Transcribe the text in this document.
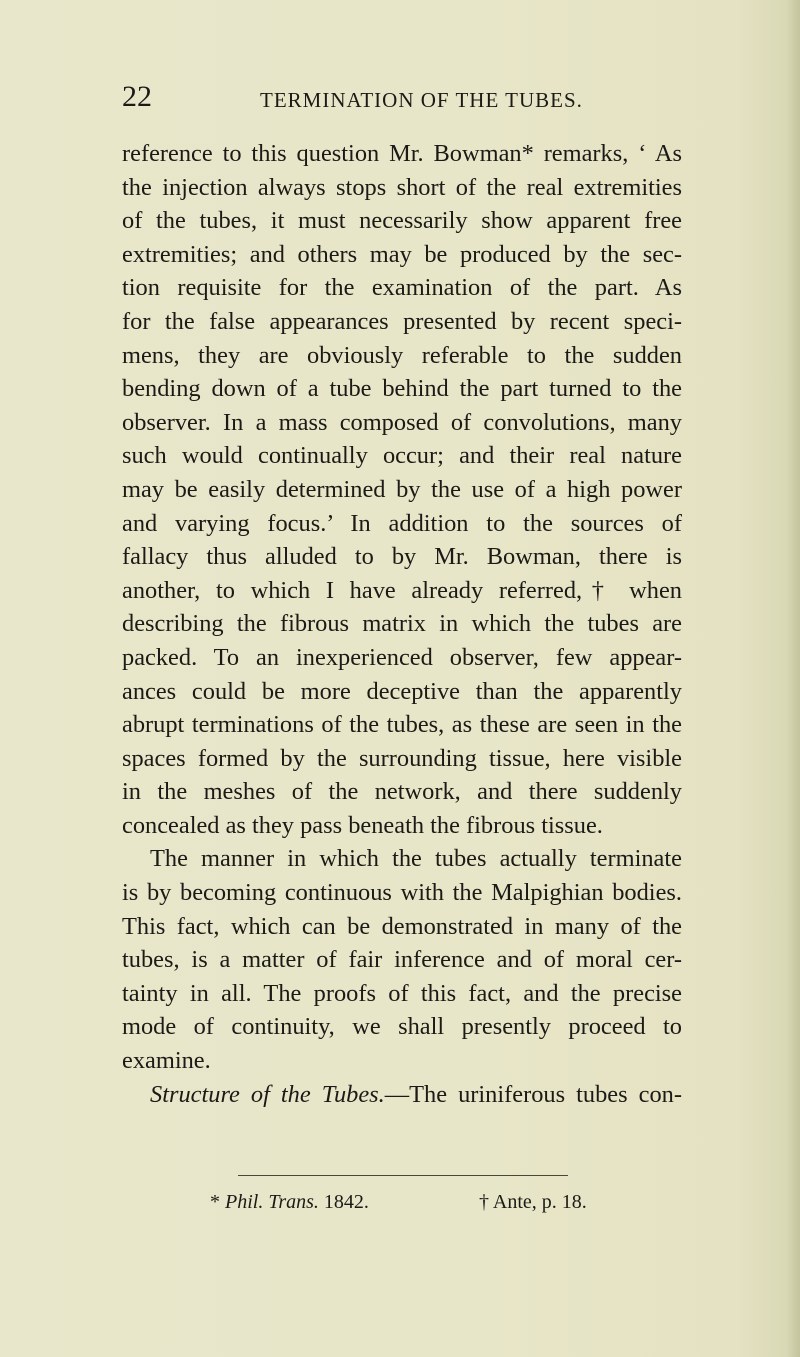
22	TERMINATION OF THE TUBES.
reference to this question Mr. Bowman* remarks, ‘ As
the injection always stops short of the real extremities
of the tubes, it must necessarily show apparent free
extremities; and others may be produced by the sec-
tion requisite for the examination of the part. As
for the false appearances presented by recent speci-
mens, they are obviously referable to the sudden
bending down of a tube behind the part turned to the
observer. In a mass composed of convolutions, many
such would continually occur; and their real nature
may be easily determined by the use of a high power
and varying focus.’ In addition to the sources of
fallacy thus alluded to by Mr. Bowman, there is
another, to which I have already referred,† when
describing the fibrous matrix in which the tubes are
packed. To an inexperienced observer, few appear-
ances could be more deceptive than the apparently
abrupt terminations of the tubes, as these are seen in the
spaces formed by the surrounding tissue, here visible
in the meshes of the network, and there suddenly
concealed as they pass beneath the fibrous tissue.
The manner in which the tubes actually terminate
is by becoming continuous with the Malpighian bodies.
This fact, which can be demonstrated in many of the
tubes, is a matter of fair inference and of moral cer-
tainty in all. The proofs of this fact, and the precise
mode of continuity, we shall presently proceed to
examine.
Structure of the Tubes.—The uriniferous tubes con-
* Phil. Trans. 1842.	† Ante, p. 18.
